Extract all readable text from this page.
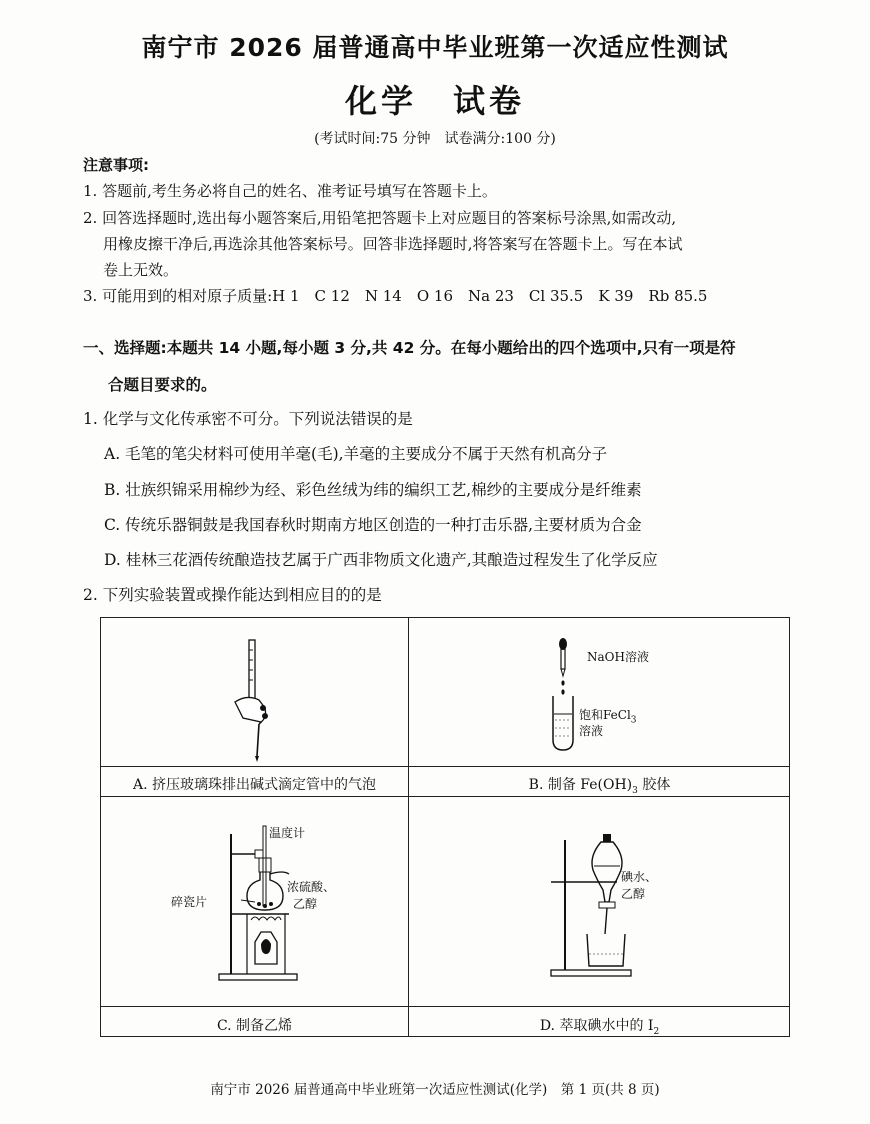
南宁市 2026 届普通高中毕业班第一次适应性测试
化学 试卷
(考试时间:75 分钟　试卷满分:100 分)
注意事项:
1. 答题前,考生务必将自己的姓名、准考证号填写在答题卡上。
2. 回答选择题时,选出每小题答案后,用铅笔把答题卡上对应题目的答案标号涂黑,如需改动,
用橡皮擦干净后,再选涂其他答案标号。回答非选择题时,将答案写在答题卡上。写在本试
卷上无效。
3. 可能用到的相对原子质量:H 1　C 12　N 14　O 16　Na 23　Cl 35.5　K 39　Rb 85.5
一、选择题:本题共 14 小题,每小题 3 分,共 42 分。在每小题给出的四个选项中,只有一项是符
合题目要求的。
1. 化学与文化传承密不可分。下列说法错误的是
A. 毛笔的笔尖材料可使用羊毫(毛),羊毫的主要成分不属于天然有机高分子
B. 壮族织锦采用棉纱为经、彩色丝绒为纬的编织工艺,棉纱的主要成分是纤维素
C. 传统乐器铜鼓是我国春秋时期南方地区创造的一种打击乐器,主要材质为合金
D. 桂林三花酒传统酿造技艺属于广西非物质文化遗产,其酿造过程发生了化学反应
2. 下列实验装置或操作能达到相应目的的是
NaOH溶液
饱和FeCl$_3$
溶液
A. 挤压玻璃珠排出碱式滴定管中的气泡	B. 制备 $Fe(OH)_3$ 胶体
温度计
浓硫酸、
乙醇
碎瓷片
碘水、
乙醇
C. 制备乙烯	D. 萃取碘水中的 $I_2$
南宁市 2026 届普通高中毕业班第一次适应性测试(化学)　第 1 页(共 8 页)
